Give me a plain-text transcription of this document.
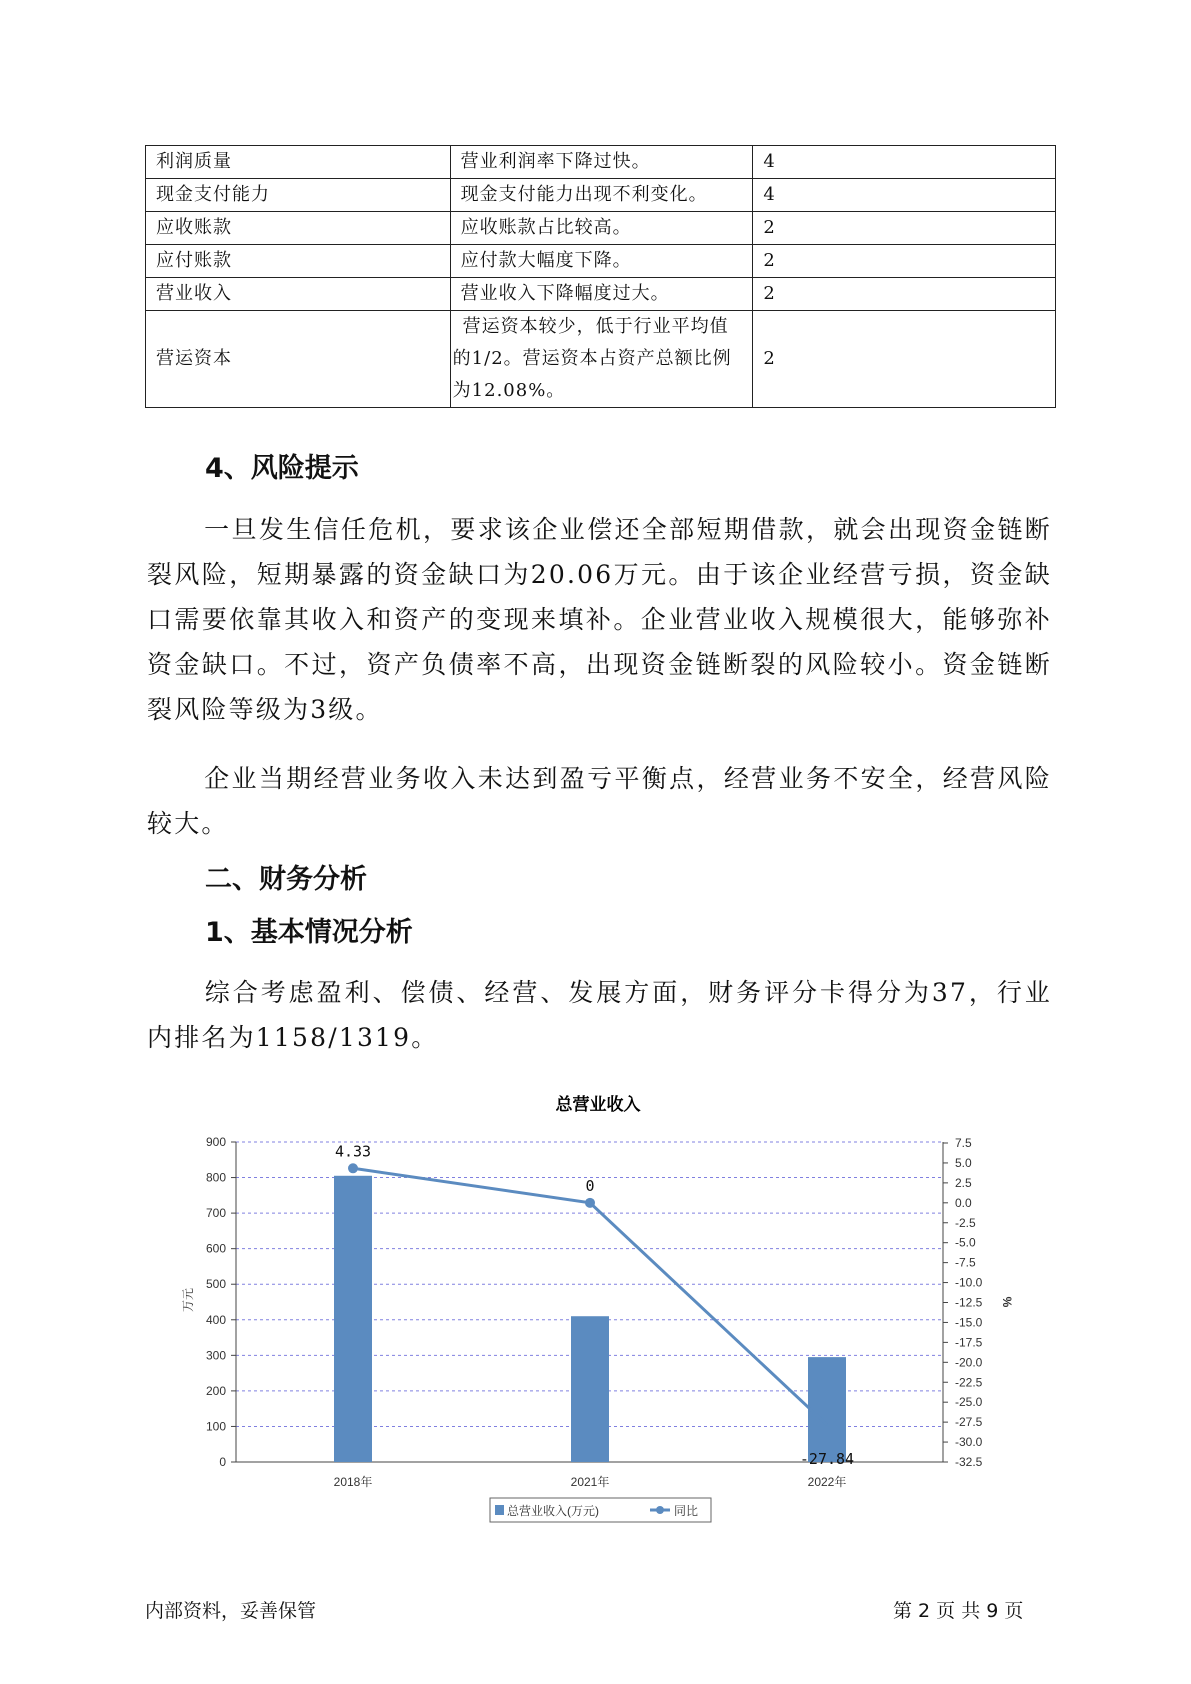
利润质量	营业利润率下降过快。	4
现金支付能力	现金支付能力出现不利变化。	4
应收账款	应收账款占比较高。	2
应付账款	应付款大幅度下降。	2
营业收入	营业收入下降幅度过大。	2
营运资本	营运资本较少，低于行业平均值
的1/2。营运资本占资产总额比例
为12.08%。	2
4、风险提示
一旦发生信任危机，要求该企业偿还全部短期借款，就会出现资金链断裂风险，短期暴露的资金缺口为20.06万元。由于该企业经营亏损，资金缺口需要依靠其收入和资产的变现来填补。企业营业收入规模很大，能够弥补资金缺口。不过，资产负债率不高，出现资金链断裂的风险较小。资金链断裂风险等级为3级。
企业当期经营业务收入未达到盈亏平衡点，经营业务不安全，经营风险较大。
二、财务分析
1、基本情况分析
综合考虑盈利、偿债、经营、发展方面，财务评分卡得分为37，行业内排名为1158/1319。
总营业收入
0
100
200
300
400
500
600
700
800
900
万元
7.5
5.0
2.5
0.0
-2.5
-5.0
-7.5
-10.0
-12.5
-15.0
-17.5
-20.0
-22.5
-25.0
-27.5
-30.0
-32.5
%
2018年	2021年	2022年
4.33
0
-27.84
总营业收入(万元)	同比
内部资料，妥善保管	第 2 页 共 9 页
